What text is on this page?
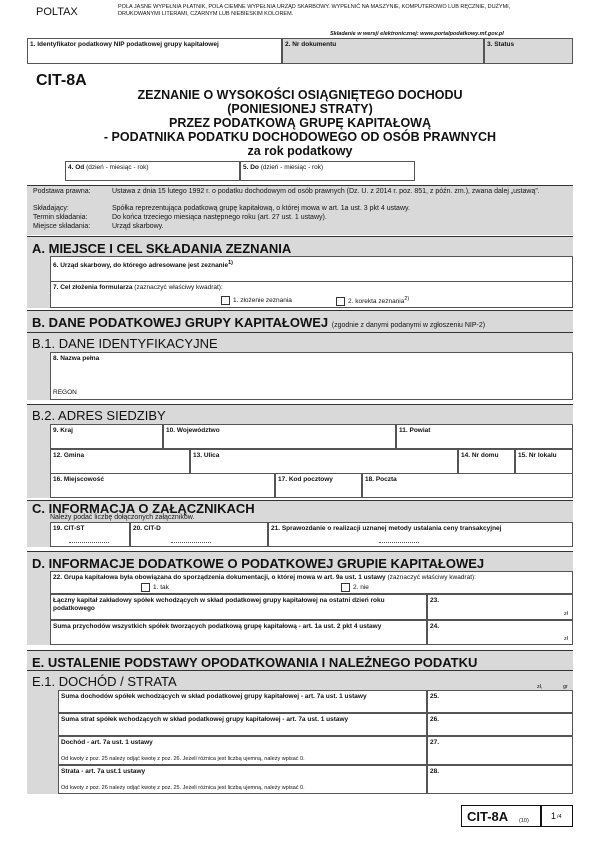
POLTAX	POLA JASNE WYPEŁNIA PŁATNIK, POLA CIEMNE WYPEŁNIA URZĄD SKARBOWY. WYPEŁNIĆ NA MASZYNIE, KOMPUTEROWO LUB RĘCZNIE, DUŻYMI, DRUKOWANYMI LITERAMI, CZARNYM LUB NIEBIESKIM KOLOREM.
Składanie w wersji elektronicznej: www.portalpodatkowy.mf.gov.pl
1. Identyfikator podatkowy NIP podatkowej grupy kapitałowej	2. Nr dokumentu	3. Status
CIT-8A
ZEZNANIE O WYSOKOŚCI OSIĄGNIĘTEGO DOCHODU
(PONIESIONEJ STRATY)
PRZEZ PODATKOWĄ GRUPĘ KAPITAŁOWĄ
- PODATNIKA PODATKU DOCHODOWEGO OD OSÓB PRAWNYCH
za rok podatkowy
4. Od (dzień - miesiąc - rok)	5. Do (dzień - miesiąc - rok)
Podstawa prawna:	Ustawa z dnia 15 lutego 1992 r. o podatku dochodowym od osób prawnych (Dz. U. z 2014 r. poz. 851, z późn. zm.), zwana dalej „ustawą”.
Składający:	Spółka reprezentująca podatkową grupę kapitałową, o której mowa w art. 1a ust. 3 pkt 4 ustawy.
Termin składania:	Do końca trzeciego miesiąca następnego roku (art. 27 ust. 1 ustawy).
Miejsce składania:	Urząd skarbowy.
A. MIEJSCE I CEL SKŁADANIA ZEZNANIA
6. Urząd skarbowy, do którego adresowane jest zeznanie$^{1)}$
7. Cel złożenia formularza (zaznaczyć właściwy kwadrat):
1. złożenie zeznania	2. korekta zeznania$^{2)}$
B. DANE PODATKOWEJ GRUPY KAPITAŁOWEJ (zgodnie z danymi podanymi w zgłoszeniu NIP-2)
B.1. DANE IDENTYFIKACYJNE
8. Nazwa pełna
REGON
B.2. ADRES SIEDZIBY
9. Kraj	10. Województwo	11. Powiat
12. Gmina	13. Ulica	14. Nr domu	15. Nr lokalu
16. Miejscowość	17. Kod pocztowy	18. Poczta
C. INFORMACJA O ZAŁĄCZNIKACH
Należy podać liczbę dołączonych załączników.
19. CIT-ST	20. CIT-D	21. Sprawozdanie o realizacji uznanej metody ustalania ceny transakcyjnej
D. INFORMACJE DODATKOWE O PODATKOWEJ GRUPIE KAPITAŁOWEJ
22. Grupa kapitałowa była obowiązana do sporządzenia dokumentacji, o której mowa w art. 9a ust. 1 ustawy (zaznaczyć właściwy kwadrat):
1. tak	2. nie
Łączny kapitał zakładowy spółek wchodzących w skład podatkowej grupy kapitałowej na ostatni dzień roku podatkowego
23.
zł
Suma przychodów wszystkich spółek tworzących podatkową grupę kapitałową - art. 1a ust. 2 pkt 4 ustawy	24.
zł
E. USTALENIE PODSTAWY OPODATKOWANIA I NALEŻNEGO PODATKU
E.1. DOCHÓD / STRATA	zł,	gr
Suma dochodów spółek wchodzących w skład podatkowej grupy kapitałowej - art. 7a ust. 1 ustawy	25.
Suma strat spółek wchodzących w skład podatkowej grupy kapitałowej - art. 7a ust. 1 ustawy	26.
Dochód - art. 7a ust. 1 ustawy
Od kwoty z poz. 25 należy odjąć kwotę z poz. 26. Jeżeli różnica jest liczbą ujemną, należy wpisać 0.
27.
Strata - art. 7a ust.1 ustawy
Od kwoty z poz. 26 należy odjąć kwotę z poz. 25. Jeżeli różnica jest liczbą ujemną, należy wpisać 0.
28.
CIT-8A (10) 1 /4
